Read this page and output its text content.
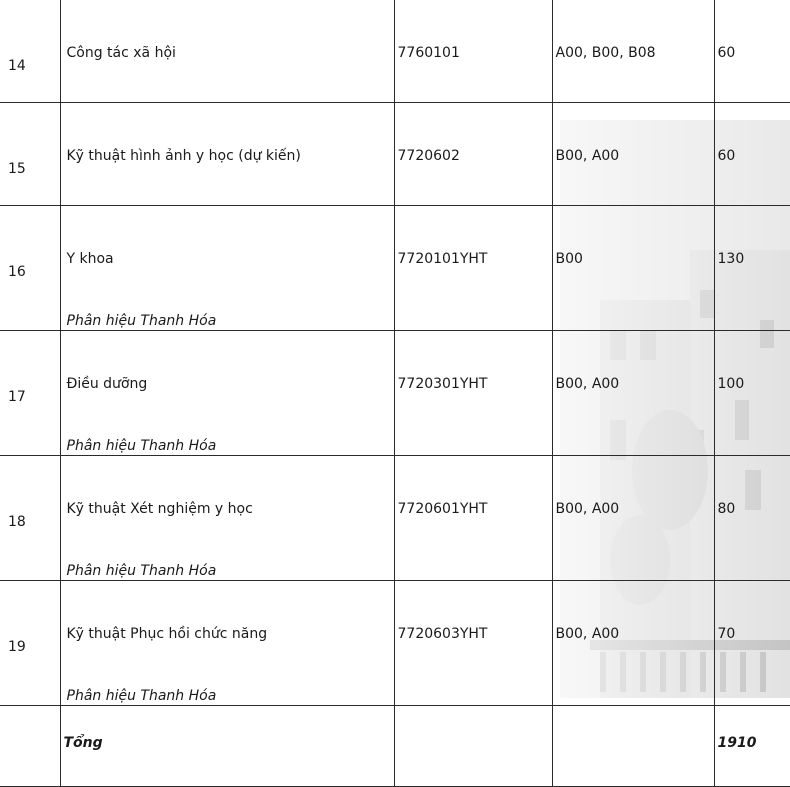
14	Công tác xã hội	7760101	A00, B00, B08	60

15	Kỹ thuật hình ảnh y học (dự kiến)	7720602	B00, A00	60

16	Y khoa
Phân hiệu Thanh Hóa	7720101YHT	B00	130

17	Điều dưỡng
Phân hiệu Thanh Hóa	7720301YHT	B00, A00	100

18	Kỹ thuật Xét nghiệm y học
Phân hiệu Thanh Hóa	7720601YHT	B00, A00	80

19	Kỹ thuật Phục hồi chức năng
Phân hiệu Thanh Hóa	7720603YHT	B00, A00	70

	Tổng			1910
